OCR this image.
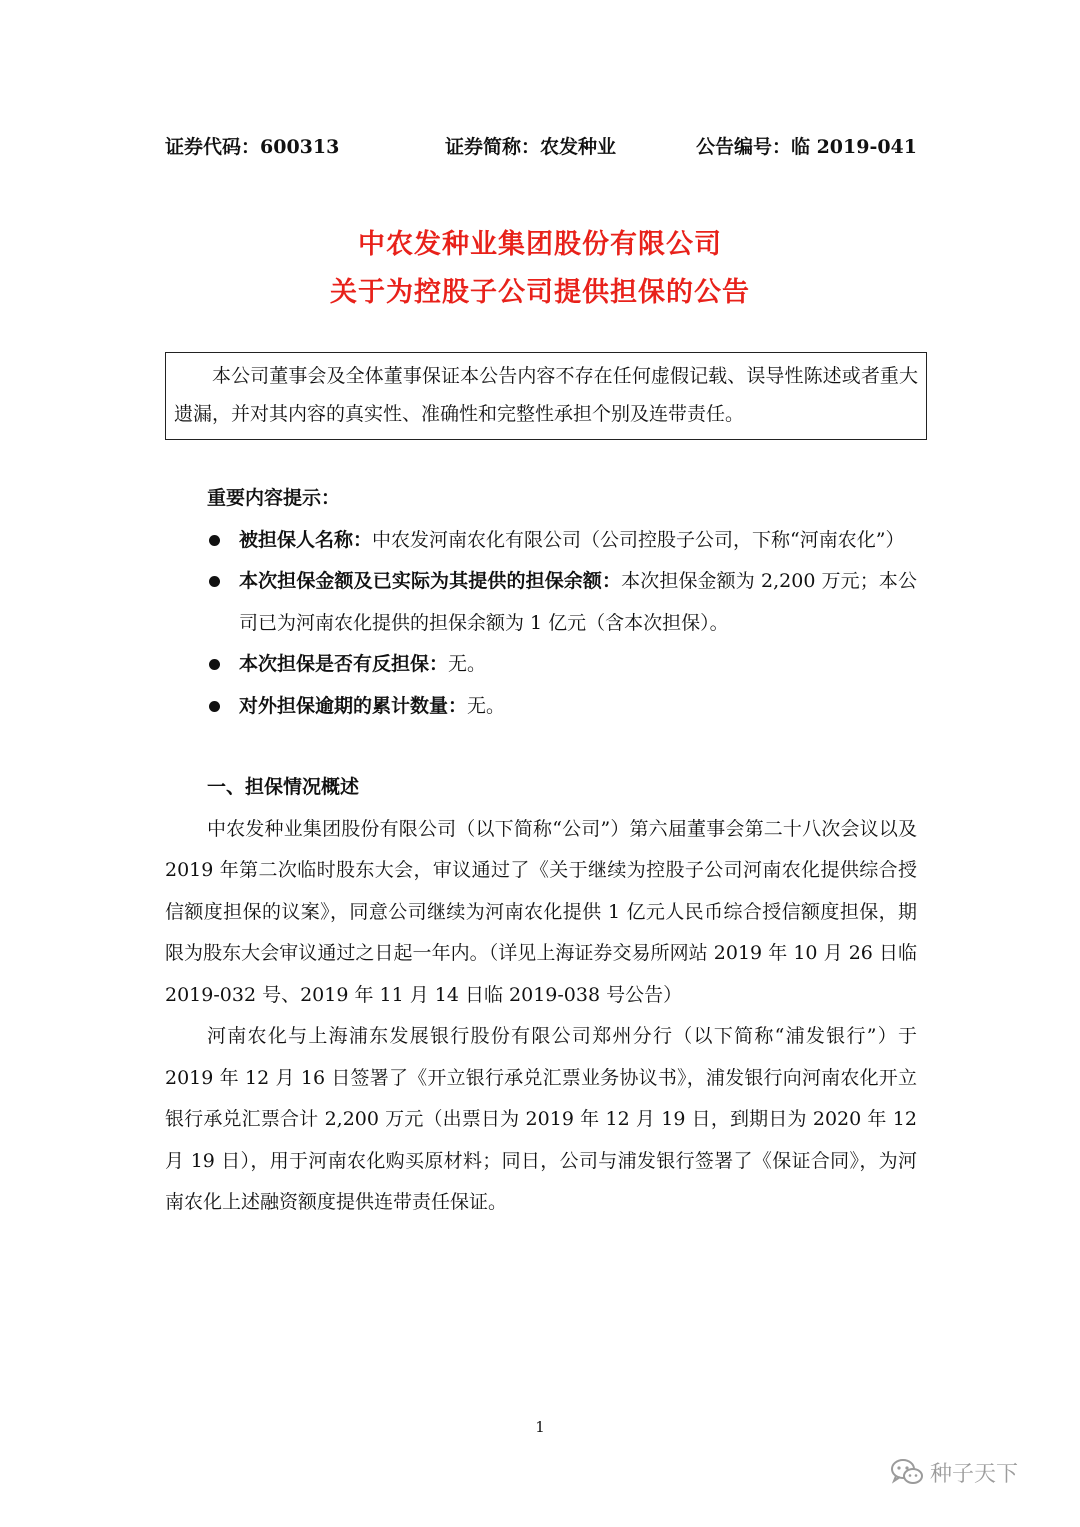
证券代码：600313	证券简称：农发种业	公告编号：临 2019-041
中农发种业集团股份有限公司
关于为控股子公司提供担保的公告
本公司董事会及全体董事保证本公告内容不存在任何虚假记载、误导性陈述或者重大遗漏，并对其内容的真实性、准确性和完整性承担个别及连带责任。
重要内容提示：
被担保人名称：中农发河南农化有限公司（公司控股子公司，下称“河南农化”）
本次担保金额及已实际为其提供的担保余额：本次担保金额为 2,200 万元；本公司已为河南农化提供的担保余额为 1 亿元（含本次担保）。
本次担保是否有反担保：无。
对外担保逾期的累计数量：无。
一、担保情况概述

中农发种业集团股份有限公司（以下简称“公司”）第六届董事会第二十八次会议以及 2019 年第二次临时股东大会，审议通过了《关于继续为控股子公司河南农化提供综合授信额度担保的议案》，同意公司继续为河南农化提供 1 亿元人民币综合授信额度担保，期限为股东大会审议通过之日起一年内。（详见上海证券交易所网站 2019 年 10 月 26 日临 2019-032 号、2019 年 11 月 14 日临 2019-038 号公告）

河南农化与上海浦东发展银行股份有限公司郑州分行（以下简称“浦发银行”）于 2019 年 12 月 16 日签署了《开立银行承兑汇票业务协议书》，浦发银行向河南农化开立银行承兑汇票合计 2,200 万元（出票日为 2019 年 12 月 19 日，到期日为 2020 年 12 月 19 日），用于河南农化购买原材料；同日，公司与浦发银行签署了《保证合同》，为河南农化上述融资额度提供连带责任保证。

1
种子天下
